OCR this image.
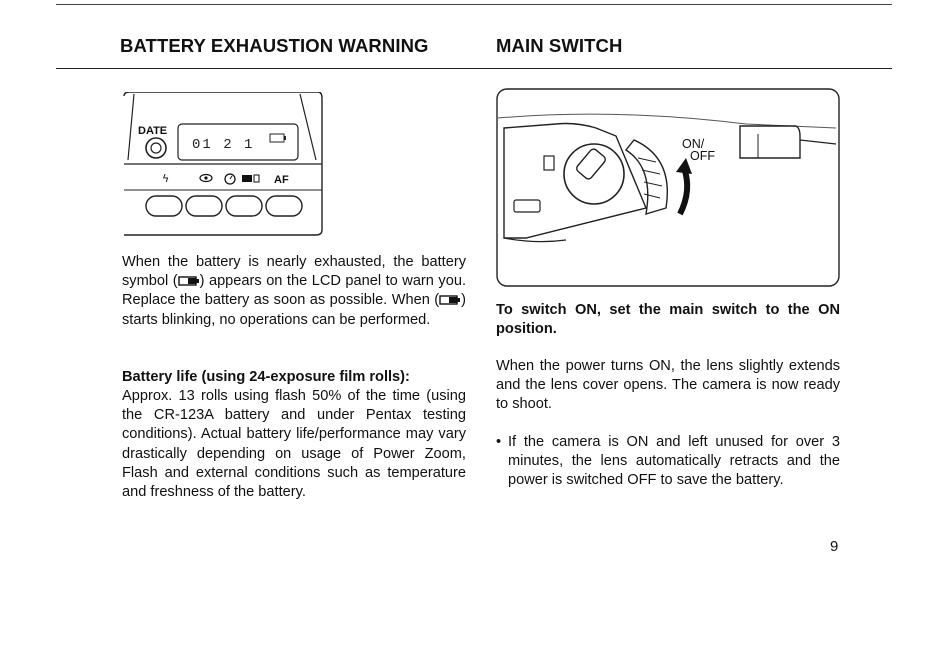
BATTERY EXHAUSTION WARNING	MAIN SWITCH
DATE
01 2 1
ϟ	AF
ON/
OFF

When the battery is nearly exhausted, the battery symbol ( ) appears on the LCD panel to warn you. Replace the battery as soon as possible. When ( ) starts blinking, no operations can be performed.

Battery life (using 24-exposure film rolls):

Approx. 13 rolls using flash 50% of the time (using the CR-123A battery and under Pentax testing conditions). Actual battery life/performance may vary drastically depending on usage of Power Zoom, Flash and external conditions such as temperature and freshness of the battery.

To switch ON, set the main switch to the ON position.

When the power turns ON, the lens slightly extends and the lens cover opens. The camera is now ready to shoot.

• If the camera is ON and left unused for over 3 minutes, the lens automatically retracts and the power is switched OFF to save the battery.
9
